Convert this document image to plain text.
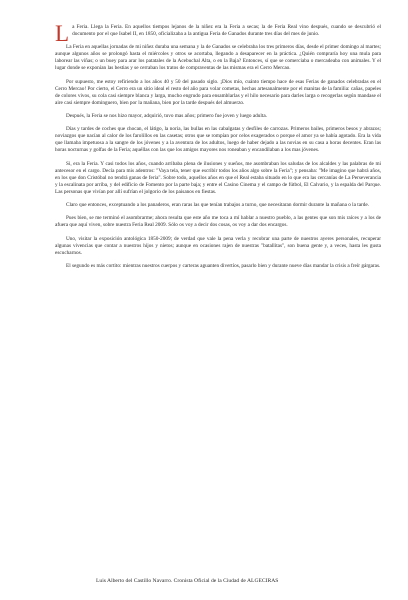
La Feria. Llega la Feria. En aquellos tiempos lejanos de la niñez era la Feria a secas; la de Feria Real vino después, cuando se descubrió el documento por el que Isabel II, en 1850, oficializaba a la antigua Feria de Ganados durante tres días del mes de junio.

La Feria en aquellas jornadas de mi niñez duraba una semana y la de Ganados se celebraba los tres primeros días, desde el primer domingo al martes; aunque algunos años se prolongó hasta el miércoles y otros se acortaba, llegando a desaparecer en la práctica. ¿Quién compraría hoy una mula para laborear las viñas; o un buey para arar los patatales de la Acebuchal Alta, o en la Baja? Entonces, sí que se comerciaba o mercadeaba con animales. Y el lugar donde se exponían las bestias y se cerraban los tratos de compraventas de las mismas era el Cerro Mercao.

Por supuesto, me estoy refiriendo a los años 40 y 50 del pasado siglo. ¡Dios mío, cuánto tiempo hace de esas Ferias de ganados celebradas en el Cerro Mercao! Por cierto, el Cerro era un sitio ideal el resto del año para volar cometas, hechas artesanalmente por el manitas de la familia: cañas, papeles de colores vivos, su cola casi siempre blanca y larga, mucho engrudo para ensamblarlas y el hilo necesario para darles larga o recogerlas según mandase el aire casi siempre dominguero, bien por la mañana, bien por la tarde después del almuerzo.

Después, la Feria se nos hizo mayor, adquirió, tuvo mas años; primero fue joven y luego adulta.

Días y tardes de coches que chocan, el látigo, la noria, las bullas en las cabalgatas y desfiles de carrozas. Primeros bailes, primeros besos y abrazos; noviazgos que nacían al calor de los farolillos en las casetas; otros que se rompían por celos exagerados o porque el amor ya se había agotado. Era la vida que llamaba impetuosa a la sangre de los jóvenes y a la aventura de los adultos, luego de haber dejado a las novias en su casa a horas decentes. Eran las horas nocturnas y golfas de la Feria; aquéllas con las que los amigos mayores nos roneaban y encandilaban a los mas jóvenes.

Si, era la Feria. Y casi todos los años, cuando arribaba plena de ilusiones y sueños, me asombraban los saludas de los alcaldes y las palabras de mi antecesor en el cargo. Decía para mis adentros: "Vaya tela, tener que escribir todos los años algo sobre la Feria"; y pensaba: "Me imagino que habrá años, en los que don Cristóbal no tendrá ganas de feria". Sobre todo, aquellos años en que el Real estaba situado en lo que era las cercanías de La Perseverancia y la escalinata por arriba, y del edificio de Fomento por la parte baja; y entre el Casino Cinema y el campo de fútbol, El Calvario, y la espalda del Parque. Las personas que vivían por allí sufrían el jolgorio de los paisanos en fiestas.

Claro que entonces, exceptuando a los panaderos, eran raras las que tenían trabajos a turno, que necesitaran dormir durante la mañana o la tarde.

Pues bien, se me terminó el asombrarme; ahora resulta que este año me toca a mí hablar a nuestro pueblo, a las gentes que son mis raíces y a los de afuera que aquí viven, sobre nuestra Feria Real 2009. Sólo os voy a decir dos cosas, os voy a dar dos encargos.

Uno, visitar la exposición antológica 1850-2009; de verdad que vale la pena verla y recobrar una parte de nuestros ayeres personales, recuperar algunas vivencias que contar a nuestros hijos y nietos; aunque en ocasiones rajen de nuestras "batallitas", son buena gente y, a veces, hasta les gusta escucharnos.

El segundo es más cortito: mientras nuestros cuerpos y carteras aguanten divertíos, pasarlo bien y durante nueve días mandar la crisis a freír gárgaras.

Luis Alberto del Castillo Navarro. Cronista Oficial de la Ciudad de ALGECIRAS
